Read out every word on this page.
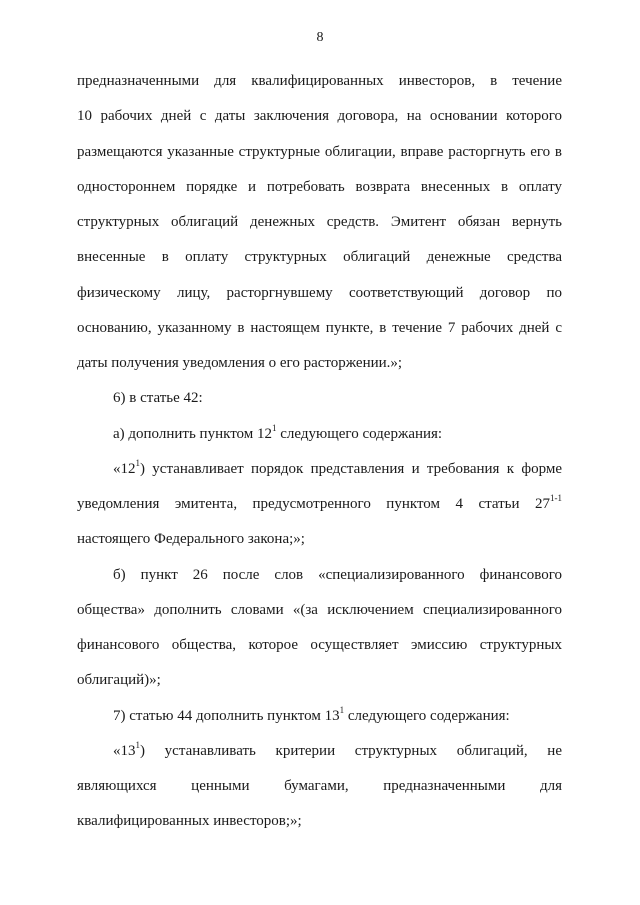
8
предназначенными для квалифицированных инвесторов, в течение
10 рабочих дней с даты заключения договора, на основании которого
размещаются указанные структурные облигации, вправе расторгнуть его в
одностороннем порядке и потребовать возврата внесенных в оплату
структурных облигаций денежных средств. Эмитент обязан вернуть
внесенные в оплату структурных облигаций денежные средства
физическому лицу, расторгнувшему соответствующий договор по
основанию, указанному в настоящем пункте, в течение 7 рабочих дней с
даты получения уведомления о его расторжении.»;
6) в статье 42:
а) дополнить пунктом $12^1$ следующего содержания:
«$12^1$) устанавливает порядок представления и требования к форме
уведомления эмитента, предусмотренного пунктом 4 статьи 27$^{1-1}$
настоящего Федерального закона;»;
б) пункт 26 после слов «специализированного финансового
общества» дополнить словами «(за исключением специализированного
финансового общества, которое осуществляет эмиссию структурных
облигаций)»;
7) статью 44 дополнить пунктом $13^1$ следующего содержания:
«$13^1$) устанавливать критерии структурных облигаций, не
являющихся ценными бумагами, предназначенными для
квалифицированных инвесторов;»;
